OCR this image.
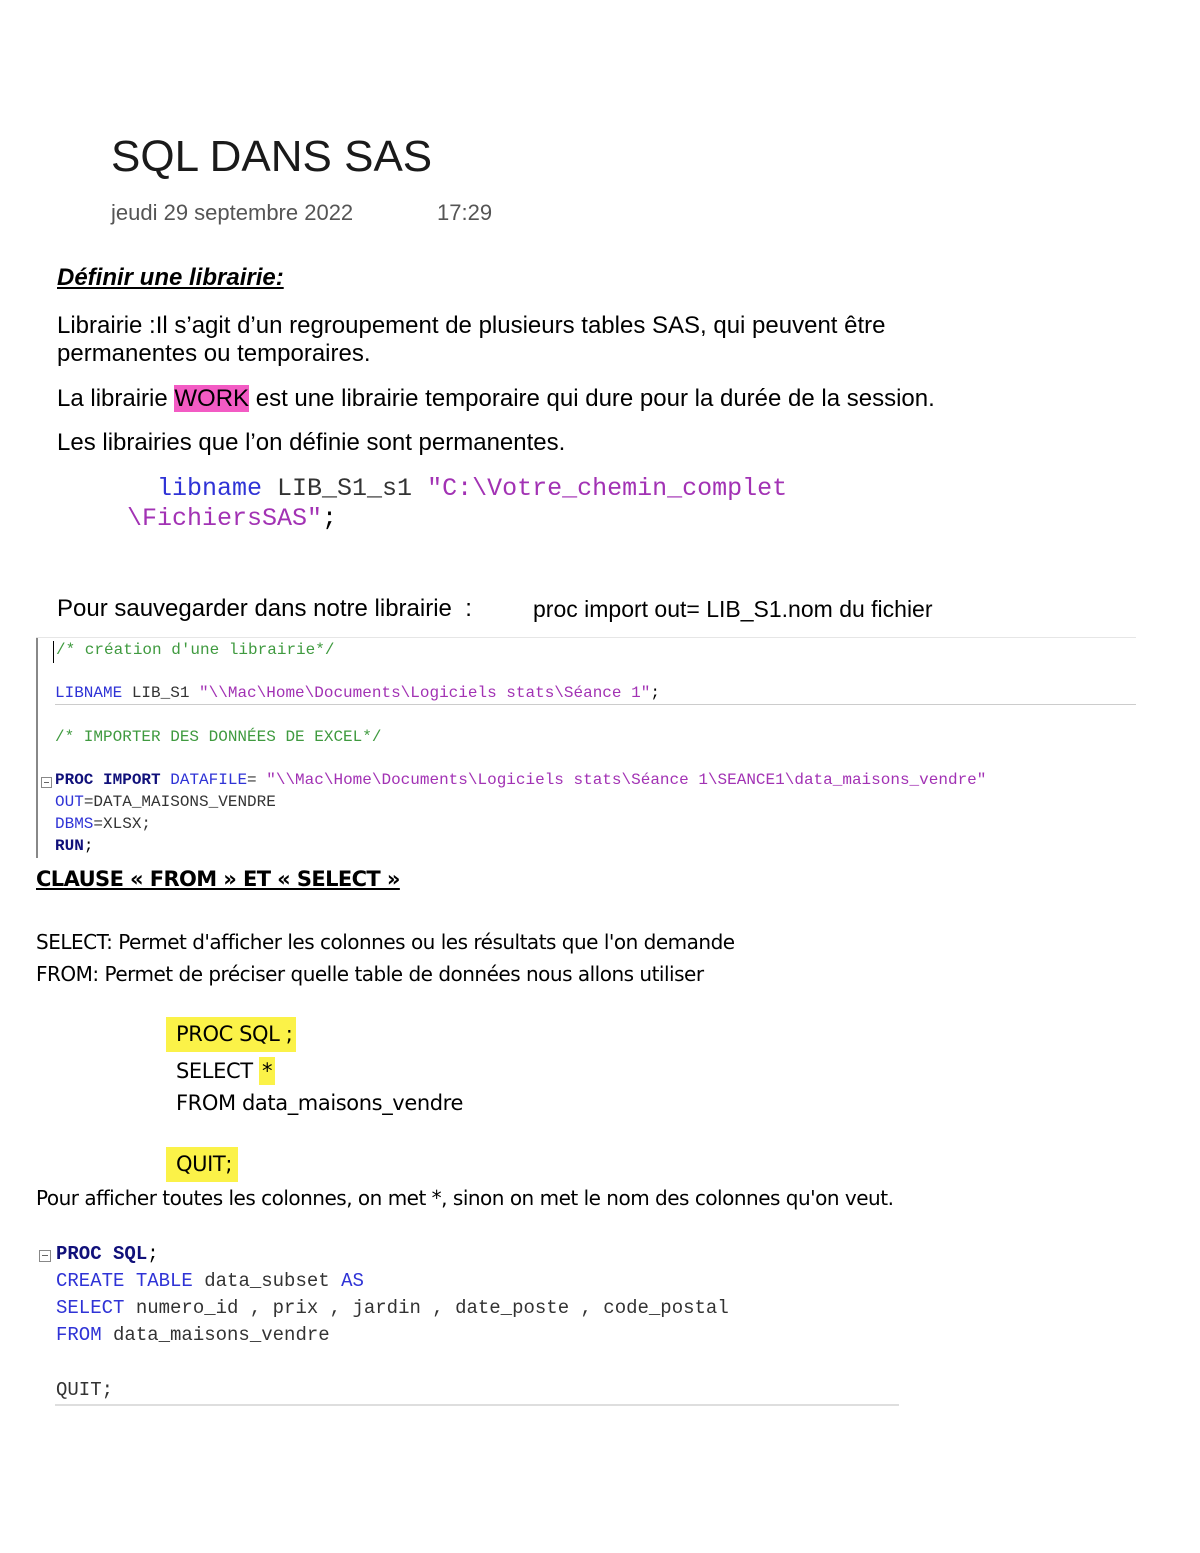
SQL DANS SAS
jeudi 29 septembre 2022	17:29
Définir une librairie:
Librairie :Il s’agit d’un regroupement de plusieurs tables SAS, qui peuvent être
permanentes ou temporaires.
La librairie WORK est une librairie temporaire qui dure pour la durée de la session.
Les librairies que l’on définie sont permanentes.
libname LIB_S1_s1 "C:\Votre_chemin_complet
\FichiersSAS";
Pour sauvegarder dans notre librairie  :	proc import out= LIB_S1.nom du fichier
/* création d'une librairie*/
LIBNAME LIB_S1 "\\Mac\Home\Documents\Logiciels stats\Séance 1";
/* IMPORTER DES DONNÉES DE EXCEL*/

PROC IMPORT DATAFILE= "\\Mac\Home\Documents\Logiciels stats\Séance 1\SEANCE1\data_maisons_vendre"
OUT=DATA_MAISONS_VENDRE
DBMS=XLSX;
RUN;
CLAUSE « FROM » ET « SELECT »
SELECT: Permet d'afficher les colonnes ou les résultats que l'on demande
FROM: Permet de préciser quelle table de données nous allons utiliser
PROC SQL ;
SELECT *
FROM data_maisons_vendre
QUIT;
Pour afficher toutes les colonnes, on met *, sinon on met le nom des colonnes qu'on veut.

PROC SQL;
CREATE TABLE data_subset AS
SELECT numero_id , prix , jardin , date_poste , code_postal
FROM data_maisons_vendre
QUIT;
